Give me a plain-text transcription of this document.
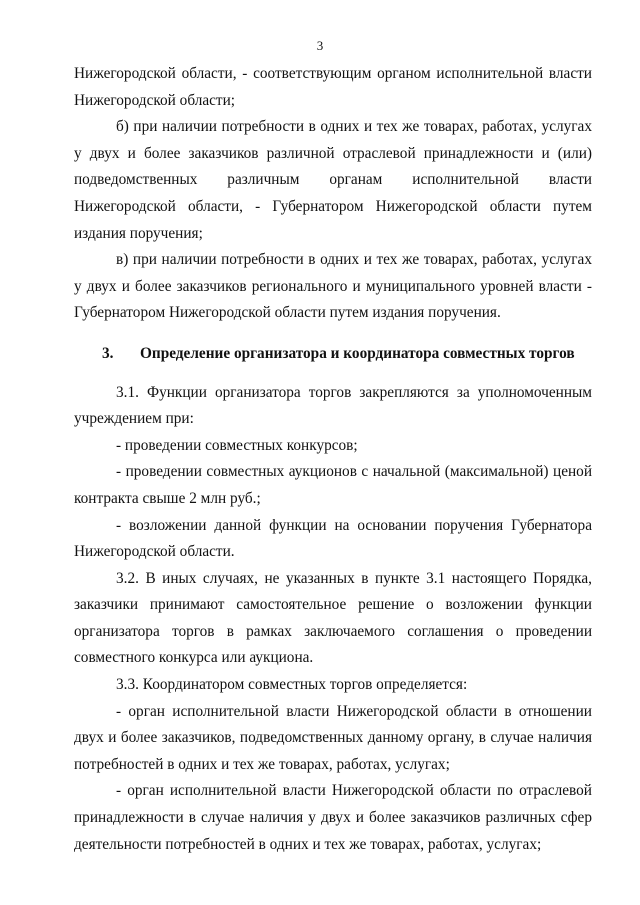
3

Нижегородской области, - соответствующим органом исполнительной власти Нижегородской области;

б) при наличии потребности в одних и тех же товарах, работах, услугах у двух и более заказчиков различной отраслевой принадлежности и (или) подведомственных различным органам исполнительной власти Нижегородской области, - Губернатором Нижегородской области путем издания поручения;

в) при наличии потребности в одних и тех же товарах, работах, услугах у двух и более заказчиков регионального и муниципального уровней власти - Губернатором Нижегородской области путем издания поручения.

3.	Определение организатора и координатора совместных торгов

3.1. Функции организатора торгов закрепляются за уполномоченным учреждением при:

- проведении совместных конкурсов;

- проведении совместных аукционов с начальной (максимальной) ценой контракта свыше 2 млн руб.;

- возложении данной функции на основании поручения Губернатора Нижегородской области.

3.2. В иных случаях, не указанных в пункте 3.1 настоящего Порядка, заказчики принимают самостоятельное решение о возложении функции организатора торгов в рамках заключаемого соглашения о проведении совместного конкурса или аукциона.

3.3. Координатором совместных торгов определяется:

- орган исполнительной власти Нижегородской области в отношении двух и более заказчиков, подведомственных данному органу, в случае наличия потребностей в одних и тех же товарах, работах, услугах;

- орган исполнительной власти Нижегородской области по отраслевой принадлежности в случае наличия у двух и более заказчиков различных сфер деятельности потребностей в одних и тех же товарах, работах, услугах;
